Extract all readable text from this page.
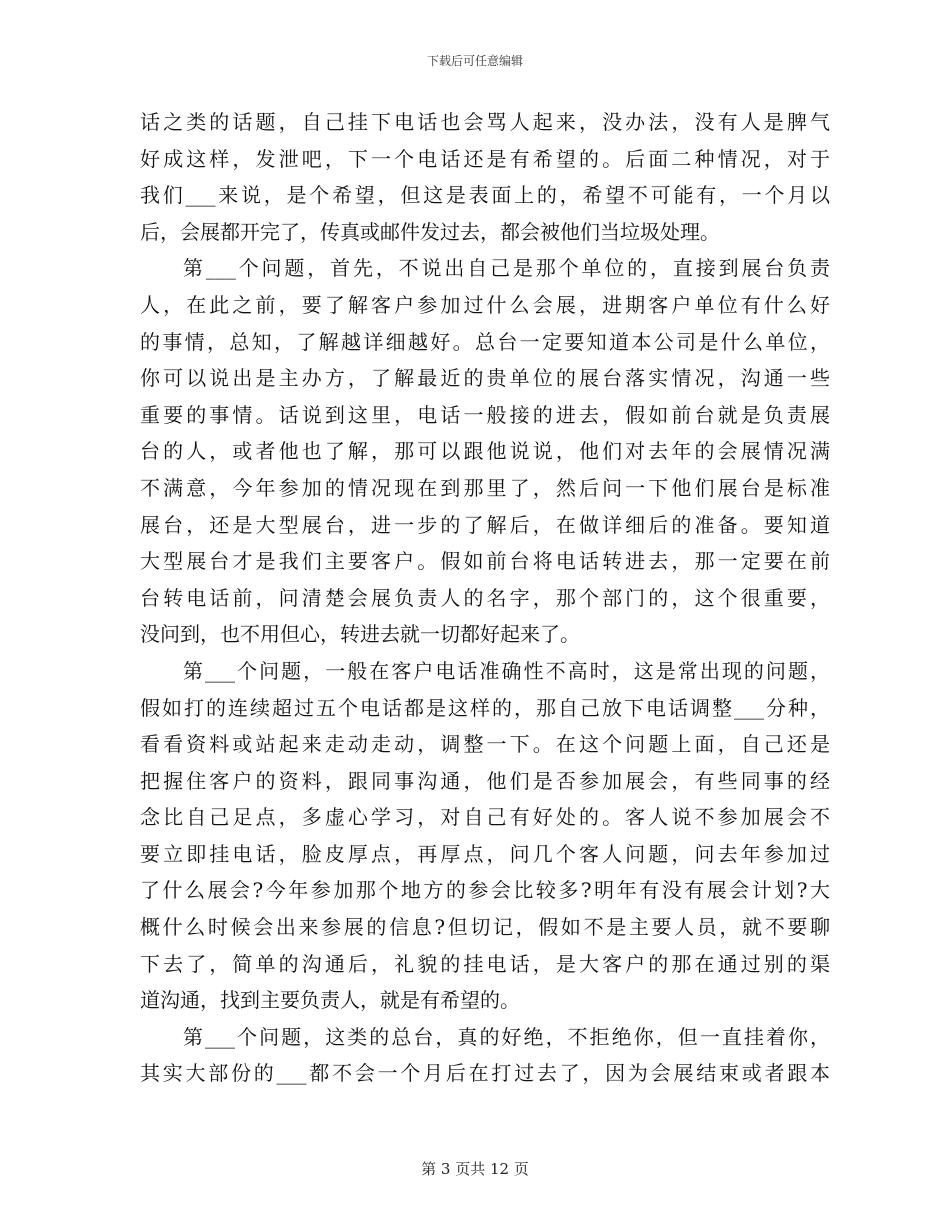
下载后可任意编辑
话之类的话题，自己挂下电话也会骂人起来，没办法，没有人是脾气
好成这样，发泄吧，下一个电话还是有希望的。后面二种情况，对于
我们___来说，是个希望，但这是表面上的，希望不可能有，一个月以
后，会展都开完了，传真或邮件发过去，都会被他们当垃圾处理。
第___个问题，首先，不说出自己是那个单位的，直接到展台负责
人，在此之前，要了解客户参加过什么会展，进期客户单位有什么好
的事情，总知，了解越详细越好。总台一定要知道本公司是什么单位，
你可以说出是主办方，了解最近的贵单位的展台落实情况，沟通一些
重要的事情。话说到这里，电话一般接的进去，假如前台就是负责展
台的人，或者他也了解，那可以跟他说说，他们对去年的会展情况满
不满意，今年参加的情况现在到那里了，然后问一下他们展台是标准
展台，还是大型展台，进一步的了解后，在做详细后的准备。要知道
大型展台才是我们主要客户。假如前台将电话转进去，那一定要在前
台转电话前，问清楚会展负责人的名字，那个部门的，这个很重要，
没问到，也不用但心，转进去就一切都好起来了。
第___个问题，一般在客户电话准确性不高时，这是常出现的问题，
假如打的连续超过五个电话都是这样的，那自己放下电话调整___分种，
看看资料或站起来走动走动，调整一下。在这个问题上面，自己还是
把握住客户的资料，跟同事沟通，他们是否参加展会，有些同事的经
念比自己足点，多虚心学习，对自己有好处的。客人说不参加展会不
要立即挂电话，脸皮厚点，再厚点，问几个客人问题，问去年参加过
了什么展会?今年参加那个地方的参会比较多?明年有没有展会计划?大
概什么时候会出来参展的信息?但切记，假如不是主要人员，就不要聊
下去了，简单的沟通后，礼貌的挂电话，是大客户的那在通过别的渠
道沟通，找到主要负责人，就是有希望的。
第___个问题，这类的总台，真的好绝，不拒绝你，但一直挂着你，
其实大部份的___都不会一个月后在打过去了，因为会展结束或者跟本
第 3 页共 12 页
